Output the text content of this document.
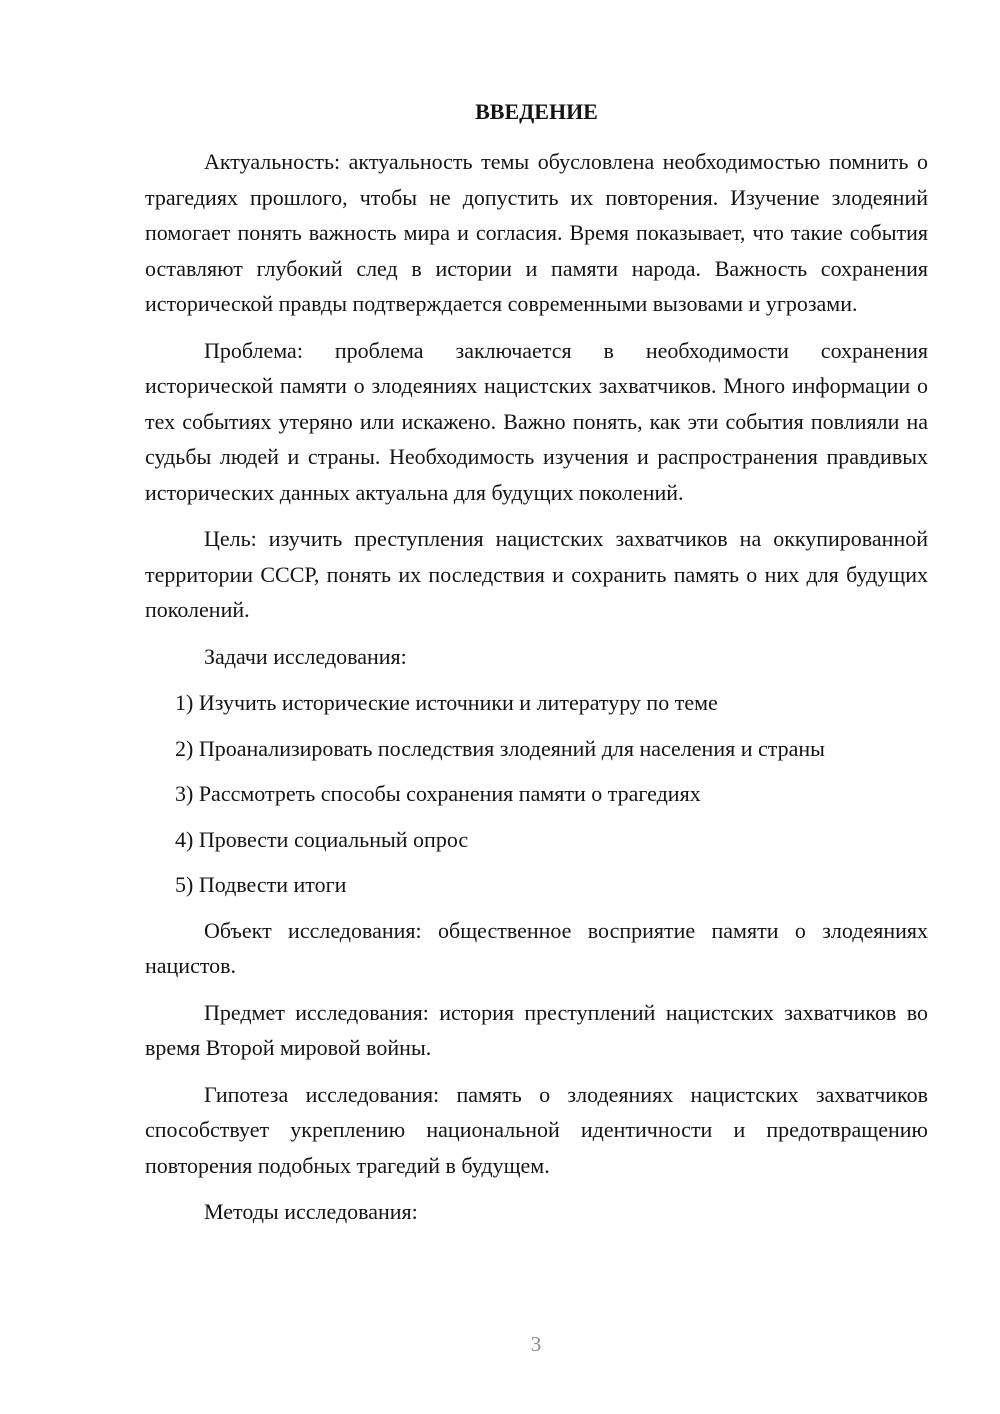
ВВЕДЕНИЕ

Актуальность: актуальность темы обусловлена необходимостью помнить о трагедиях прошлого, чтобы не допустить их повторения. Изучение злодеяний помогает понять важность мира и согласия. Время показывает, что такие события оставляют глубокий след в истории и памяти народа. Важность сохранения исторической правды подтверждается современными вызовами и угрозами.

Проблема: проблема заключается в необходимости сохранения исторической памяти о злодеяниях нацистских захватчиков. Много информации о тех событиях утеряно или искажено. Важно понять, как эти события повлияли на судьбы людей и страны. Необходимость изучения и распространения правдивых исторических данных актуальна для будущих поколений.

Цель: изучить преступления нацистских захватчиков на оккупированной территории СССР, понять их последствия и сохранить память о них для будущих поколений.

Задачи исследования:

1) Изучить исторические источники и литературу по теме
2) Проанализировать последствия злодеяний для населения и страны
3) Рассмотреть способы сохранения памяти о трагедиях
4) Провести социальный опрос
5) Подвести итоги

Объект исследования: общественное восприятие памяти о злодеяниях нацистов.

Предмет исследования: история преступлений нацистских захватчиков во время Второй мировой войны.

Гипотеза исследования: память о злодеяниях нацистских захватчиков способствует укреплению национальной идентичности и предотвращению повторения подобных трагедий в будущем.

Методы исследования:

3
